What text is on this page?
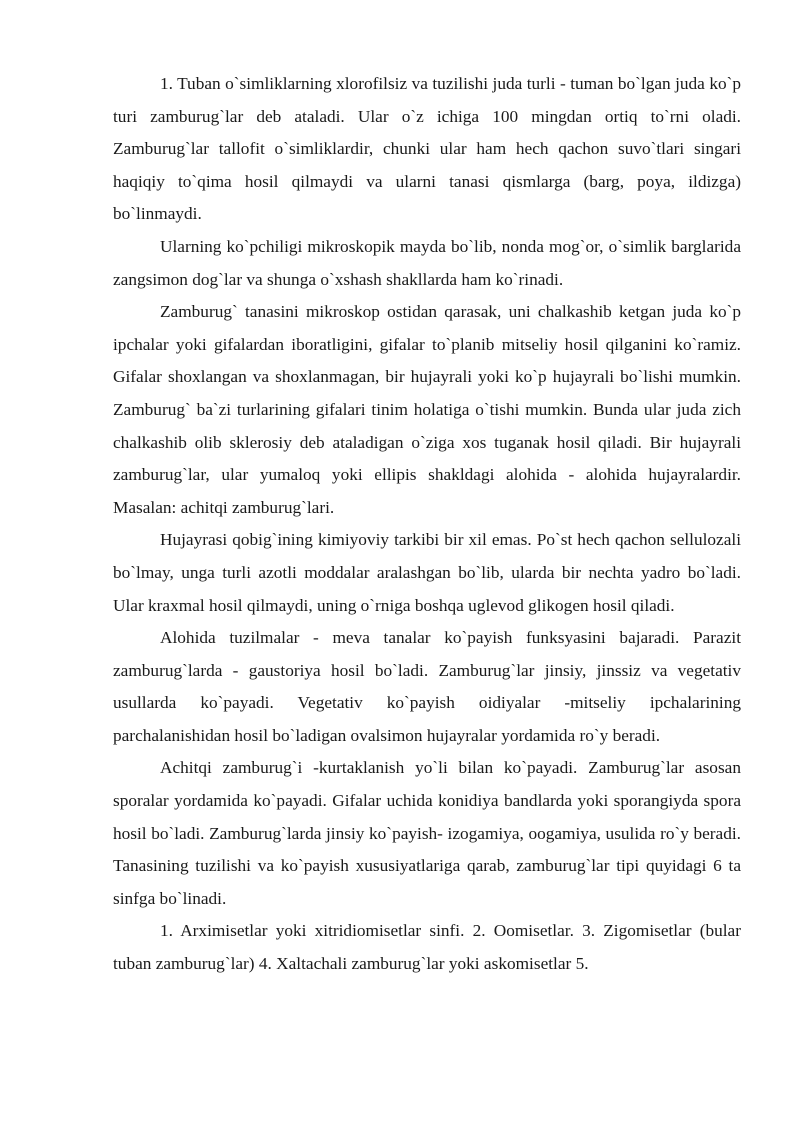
1. Tuban o`simliklarning xlorofilsiz va tuzilishi juda turli - tuman bo`lgan juda ko`p turi zamburug`lar deb ataladi. Ular o`z ichiga 100 mingdan ortiq to`rni oladi. Zamburug`lar tallofit o`simliklardir, chunki ular ham hech qachon suvo`tlari singari haqiqiy to`qima hosil qilmaydi va ularni tanasi qismlarga (barg, poya, ildizga) bo`linmaydi.

Ularning ko`pchiligi mikroskopik mayda bo`lib, nonda mog`or, o`simlik barglarida zangsimon dog`lar va shunga o`xshash shakllarda ham ko`rinadi.

Zamburug` tanasini mikroskop ostidan qarasak, uni chalkashib ketgan juda ko`p ipchalar yoki gifalardan iboratligini, gifalar to`planib mitseliy hosil qilganini ko`ramiz. Gifalar shoxlangan va shoxlanmagan, bir hujayrali yoki ko`p hujayrali bo`lishi mumkin. Zamburug` ba`zi turlarining gifalari tinim holatiga o`tishi mumkin. Bunda ular juda zich chalkashib olib sklerosiy deb ataladigan o`ziga xos tuganak hosil qiladi. Bir hujayrali zamburug`lar, ular yumaloq yoki ellipis shakldagi alohida - alohida hujayralardir. Masalan: achitqi zamburug`lari.

Hujayrasi qobig`ining kimiyoviy tarkibi bir xil emas. Po`st hech qachon sellulozali bo`lmay, unga turli azotli moddalar aralashgan bo`lib, ularda bir nechta yadro bo`ladi. Ular kraxmal hosil qilmaydi, uning o`rniga boshqa uglevod glikogen hosil qiladi.

Alohida tuzilmalar - meva tanalar ko`payish funksyasini bajaradi. Parazit zamburug`larda - gaustoriya hosil bo`ladi. Zamburug`lar jinsiy, jinssiz va vegetativ usullarda ko`payadi. Vegetativ ko`payish oidiyalar -mitseliy ipchalarining parchalanishidan hosil bo`ladigan ovalsimon hujayralar yordamida ro`y beradi.

Achitqi zamburug`i -kurtaklanish yo`li bilan ko`payadi. Zamburug`lar asosan sporalar yordamida ko`payadi. Gifalar uchida konidiya bandlarda yoki sporangiyda spora hosil bo`ladi. Zamburug`larda jinsiy ko`payish- izogamiya, oogamiya, usulida ro`y beradi. Tanasining tuzilishi va ko`payish xususiyatlariga qarab, zamburug`lar tipi quyidagi 6 ta sinfga bo`linadi.

1. Arximisetlar yoki xitridiomisetlar sinfi. 2. Oomisetlar. 3. Zigomisetlar (bular tuban zamburug`lar) 4. Xaltachali zamburug`lar yoki askomisetlar 5.
